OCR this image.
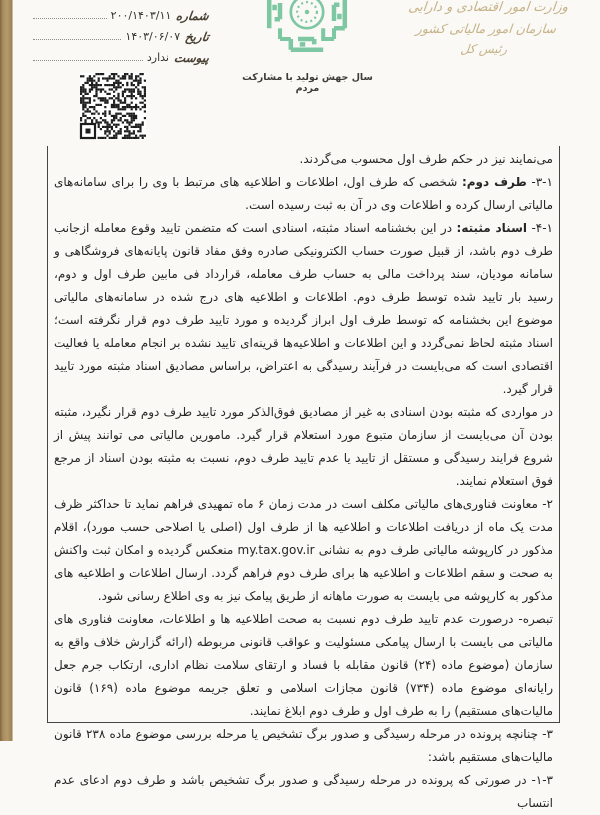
وزارت امور اقتصادی و دارایی
سازمان امور مالیاتی کشور
رئیس کل
سال جهش تولید با مشارکت مردم
شماره
۲۰۰/۱۴۰۳/۱۱
تاریخ
۱۴۰۳/۰۶/۰۷
پیوست
ندارد

می‌نمایند نیز در حکم طرف اول محسوب می‌گردند.

۱-۳- طرف دوم: شخصی که طرف اول، اطلاعات و اطلاعیه های مرتبط با وی را برای سامانه‌های مالیاتی ارسال کرده و اطلاعات وی در آن به ثبت رسیده است.

۱-۴- اسناد مثبته: در این بخشنامه اسناد مثبته، اسنادی است که متضمن تایید وقوع معامله ازجانب طرف دوم باشد، از قبیل صورت حساب الکترونیکی صادره وفق مفاد قانون پایانه‌های فروشگاهی و سامانه مودیان، سند پرداخت مالی به حساب طرف معامله، قرارداد فی مابین طرف اول و دوم، رسید بار تایید شده توسط طرف دوم. اطلاعات و اطلاعیه های درج شده در سامانه‌های مالیاتی موضوع این بخشنامه که توسط طرف اول ابراز گردیده و مورد تایید طرف دوم قرار نگرفته است؛ اسناد مثبته لحاظ نمی‌گردد و این اطلاعات و اطلاعیه‌ها قرینه‌ای تایید نشده بر انجام معامله یا فعالیت اقتصادی است که می‌بایست در فرآیند رسیدگی به اعتراض، براساس مصادیق اسناد مثبته مورد تایید قرار گیرد.

در مواردی که مثبته بودن اسنادی به غیر از مصادیق فوق‌الذکر مورد تایید طرف دوم قرار نگیرد، مثبته بودن آن می‌بایست از سازمان متبوع مورد استعلام قرار گیرد. مامورین مالیاتی می توانند پیش از شروع فرایند رسیدگی و مستقل از تایید یا عدم تایید طرف دوم، نسبت به مثبته بودن اسناد از مرجع فوق استعلام نمایند.

۲- معاونت فناوری‌های مالیاتی مکلف است در مدت زمان ۶ ماه تمهیدی فراهم نماید تا حداکثر ظرف مدت یک ماه از دریافت اطلاعات و اطلاعیه ها از طرف اول (اصلی یا اصلاحی حسب مورد)، اقلام مذکور در کارپوشه مالیاتی طرف دوم به نشانی my.tax.gov.ir منعکس گردیده و امکان ثبت واکنش به صحت و سقم اطلاعات و اطلاعیه ها برای طرف دوم فراهم گردد. ارسال اطلاعات و اطلاعیه های مذکور به کارپوشه می بایست به صورت ماهانه از طریق پیامک نیز به وی اطلاع رسانی شود.

تبصره- درصورت عدم تایید طرف دوم نسبت به صحت اطلاعیه ها و اطلاعات، معاونت فناوری های مالیاتی می بایست با ارسال پیامکی مسئولیت و عواقب قانونی مربوطه (ارائه گزارش خلاف واقع به سازمان (موضوع ماده (۲۴) قانون مقابله با فساد و ارتقای سلامت نظام اداری، ارتکاب جرم جعل رایانه‌ای موضوع ماده (۷۳۴) قانون مجازات اسلامی و تعلق جریمه موضوع ماده (۱۶۹) قانون مالیات‌های مستقیم) را به طرف اول و طرف دوم ابلاغ نمایند.

۳- چنانچه پرونده در مرحله رسیدگی و صدور برگ تشخیص یا مرحله بررسی موضوع ماده ۲۳۸ قانون مالیات‌های مستقیم باشد:

۳-۱- در صورتی که پرونده در مرحله رسیدگی و صدور برگ تشخیص باشد و طرف دوم ادعای عدم انتساب
